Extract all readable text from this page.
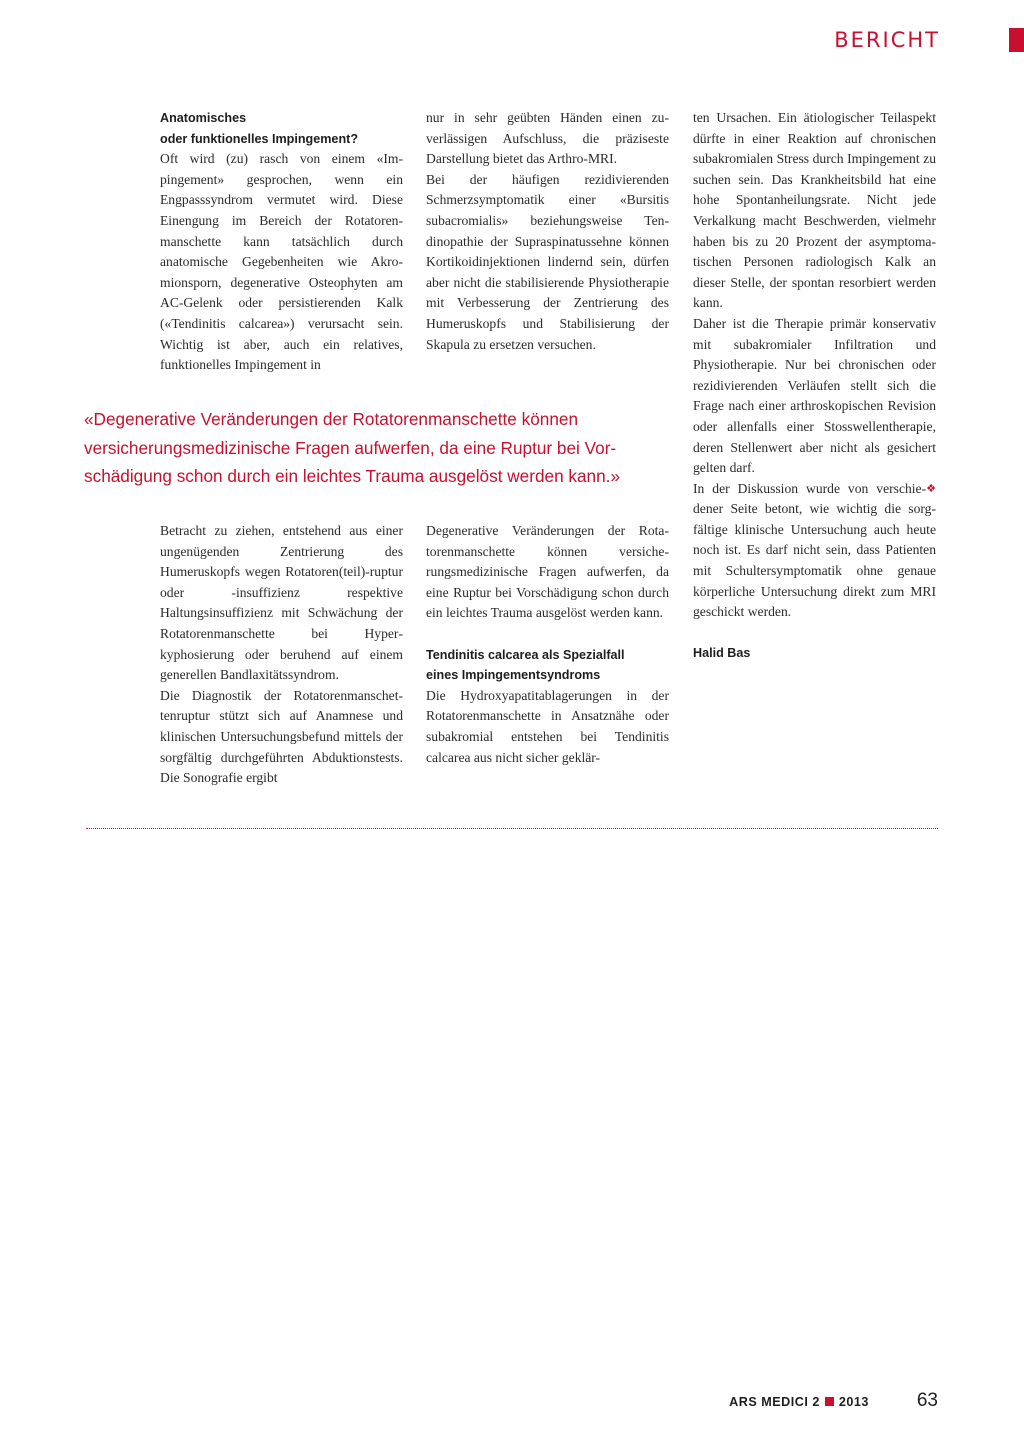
BERICHT
Anatomisches
oder funktionelles Impingement?

Oft wird (zu) rasch von einem «Impingement» gesprochen, wenn ein Engpasssyndrom vermutet wird. Diese Einengung im Bereich der Rotatorenmanschette kann tatsächlich durch anatomische Gegebenheiten wie Akromionsporn, degenerative Osteophyten am AC-Gelenk oder persistierenden Kalk («Tendinitis calcarea») verursacht sein. Wichtig ist aber, auch ein relatives, funktionelles Impingement in

nur in sehr geübten Händen einen zuverlässigen Aufschluss, die präziseste Darstellung bietet das Arthro-MRI.

Bei der häufigen rezidivierenden Schmerzsymptomatik einer «Bursitis subacromialis» beziehungsweise Tendinopathie der Supraspinatussehne können Kortikoidinjektionen lindernd sein, dürfen aber nicht die stabilisierende Physiotherapie mit Verbesserung der Zentrierung des Humeruskopfs und Stabilisierung der Skapula zu ersetzen versuchen.

ten Ursachen. Ein ätiologischer Teilaspekt dürfte in einer Reaktion auf chronischen subakromialen Stress durch Impingement zu suchen sein. Das Krankheitsbild hat eine hohe Spontanheilungsrate. Nicht jede Verkalkung macht Beschwerden, vielmehr haben bis zu 20 Prozent der asymptomatischen Personen radiologisch Kalk an dieser Stelle, der spontan resorbiert werden kann.

Daher ist die Therapie primär konservativ mit subakromialer Infiltration und Physiotherapie. Nur bei chronischen oder rezidivierenden Verläufen stellt sich die Frage nach einer arthroskopischen Revision oder allenfalls einer Stosswellentherapie, deren Stellenwert aber nicht als gesichert gelten darf.

❖
In der Diskussion wurde von verschiedener Seite betont, wie wichtig die sorgfältige klinische Untersuchung auch heute noch ist. Es darf nicht sein, dass Patienten mit Schultersymptomatik ohne genaue körperliche Untersuchung direkt zum MRI geschickt werden.

Halid Bas
«Degenerative Veränderungen der Rotatorenmanschette können
versicherungsmedizinische Fragen aufwerfen, da eine Ruptur bei Vor-
schädigung schon durch ein leichtes Trauma ausgelöst werden kann.»

Betracht zu ziehen, entstehend aus einer ungenügenden Zentrierung des Humeruskopfs wegen Rotatoren(teil)-ruptur oder -insuffizienz respektive Haltungsinsuffizienz mit Schwächung der Rotatorenmanschette bei Hyperkyphosierung oder beruhend auf einem generellen Bandlaxitätssyndrom.

Die Diagnostik der Rotatorenmanschettenruptur stützt sich auf Anamnese und klinischen Untersuchungsbefund mittels der sorgfältig durchgeführten Abduktionstests. Die Sonografie ergibt

Degenerative Veränderungen der Rotatorenmanschette können versicherungsmedizinische Fragen aufwerfen, da eine Ruptur bei Vorschädigung schon durch ein leichtes Trauma ausgelöst werden kann.

Tendinitis calcarea als Spezialfall
eines Impingementsyndroms

Die Hydroxyapatitablagerungen in der Rotatorenmanschette in Ansatznähe oder subakromial entstehen bei Tendinitis calcarea aus nicht sicher geklär-

ARS MEDICI 2 2013	63
